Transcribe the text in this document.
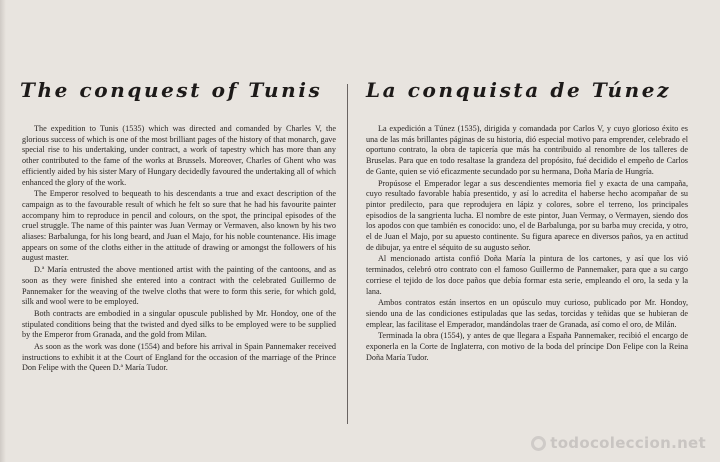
The conquest of Tunis La conquista de Túnez

The expedition to Tunis (1535) which was directed and comanded by Charles V, the glorious success of which is one of the most brilliant pages of the history of that monarch, gave special rise to his undertaking, under contract, a work of tapestry which has more than any other contributed to the fame of the works at Brussels. Moreover, Charles of Ghent who was efficiently aided by his sister Mary of Hungary decidedly favoured the undertaking all of which enhanced the glory of the work.

The Emperor resolved to bequeath to his descendants a true and exact description of the campaign as to the favourable result of which he felt so sure that he had his favourite painter accompany him to reproduce in pencil and colours, on the spot, the principal episodes of the cruel struggle. The name of this painter was Juan Vermay or Vermaven, also known by his two aliases: Barbalunga, for his long beard, and Juan el Majo, for his noble countenance. His image appears on some of the cloths either in the attitude of drawing or amongst the followers of his august master.

D.ª María entrusted the above mentioned artist with the painting of the cantoons, and as soon as they were finished she entered into a contract with the celebrated Guillermo de Pannemaker for the weaving of the twelve cloths that were to form this serie, for which gold, silk and wool were to be employed.

Both contracts are embodied in a singular opuscule published by Mr. Hondoy, one of the stipulated conditions being that the twisted and dyed silks to be employed were to be supplied by the Emperor from Granada, and the gold from Milan.

As soon as the work was done (1554) and before his arrival in Spain Pannemaker received instructions to exhibit it at the Court of England for the occasion of the marriage of the Prince Don Felipe with the Queen D.ª María Tudor.

La expedición a Túnez (1535), dirigida y comandada por Carlos V, y cuyo glorioso éxito es una de las más brillantes páginas de su historia, dió especial motivo para emprender, celebrado el oportuno contrato, la obra de tapicería que más ha contribuido al renombre de los talleres de Bruselas. Para que en todo resaltase la grandeza del propósito, fué decidido el empeño de Carlos de Gante, quien se vió eficazmente secundado por su hermana, Doña María de Hungría.

Propúsose el Emperador legar a sus descendientes memoria fiel y exacta de una campaña, cuyo resultado favorable había presentido, y así lo acredita el haberse hecho acompañar de su pintor predilecto, para que reprodujera en lápiz y colores, sobre el terreno, los principales episodios de la sangrienta lucha. El nombre de este pintor, Juan Vermay, o Vermayen, siendo dos los apodos con que también es conocido: uno, el de Barbalunga, por su barba muy crecida, y otro, el de Juan el Majo, por su apuesto continente. Su figura aparece en diversos paños, ya en actitud de dibujar, ya entre el séquito de su augusto señor.

Al mencionado artista confió Doña María la pintura de los cartones, y así que los vió terminados, celebró otro contrato con el famoso Guillermo de Pannemaker, para que a su cargo corriese el tejido de los doce paños que debía formar esta serie, empleando el oro, la seda y la lana.

Ambos contratos están insertos en un opúsculo muy curioso, publicado por Mr. Hondoy, siendo una de las condiciones estipuladas que las sedas, torcidas y teñidas que se hubieran de emplear, las facilitase el Emperador, mandándolas traer de Granada, así como el oro, de Milán.

Terminada la obra (1554), y antes de que llegara a España Pannemaker, recibió el encargo de exponerla en la Corte de Inglaterra, con motivo de la boda del príncipe Don Felipe con la Reina Doña María Tudor.

todocoleccion.net
